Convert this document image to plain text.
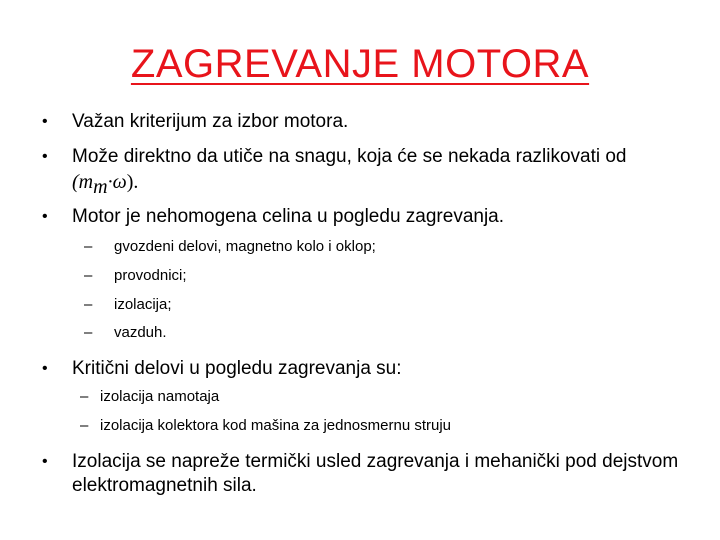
ZAGREVANJE MOTORA
•	Važan kriterijum za izbor motora.
•	Može direktno da utiče na snagu, koja će se nekada razlikovati od
$(m_m\cdot\omega)$.
•	Motor je nehomogena celina u pogledu zagrevanja.
–	gvozdeni delovi, magnetno kolo i oklop;
–	provodnici;
–	izolacija;
–	vazduh.
•	Kritični delovi u pogledu zagrevanja su:
– izolacija namotaja
– izolacija kolektora kod mašina za jednosmernu struju
•	Izolacija se napreže termički usled zagrevanja i mehanički pod dejstvom elektromagnetnih sila.
